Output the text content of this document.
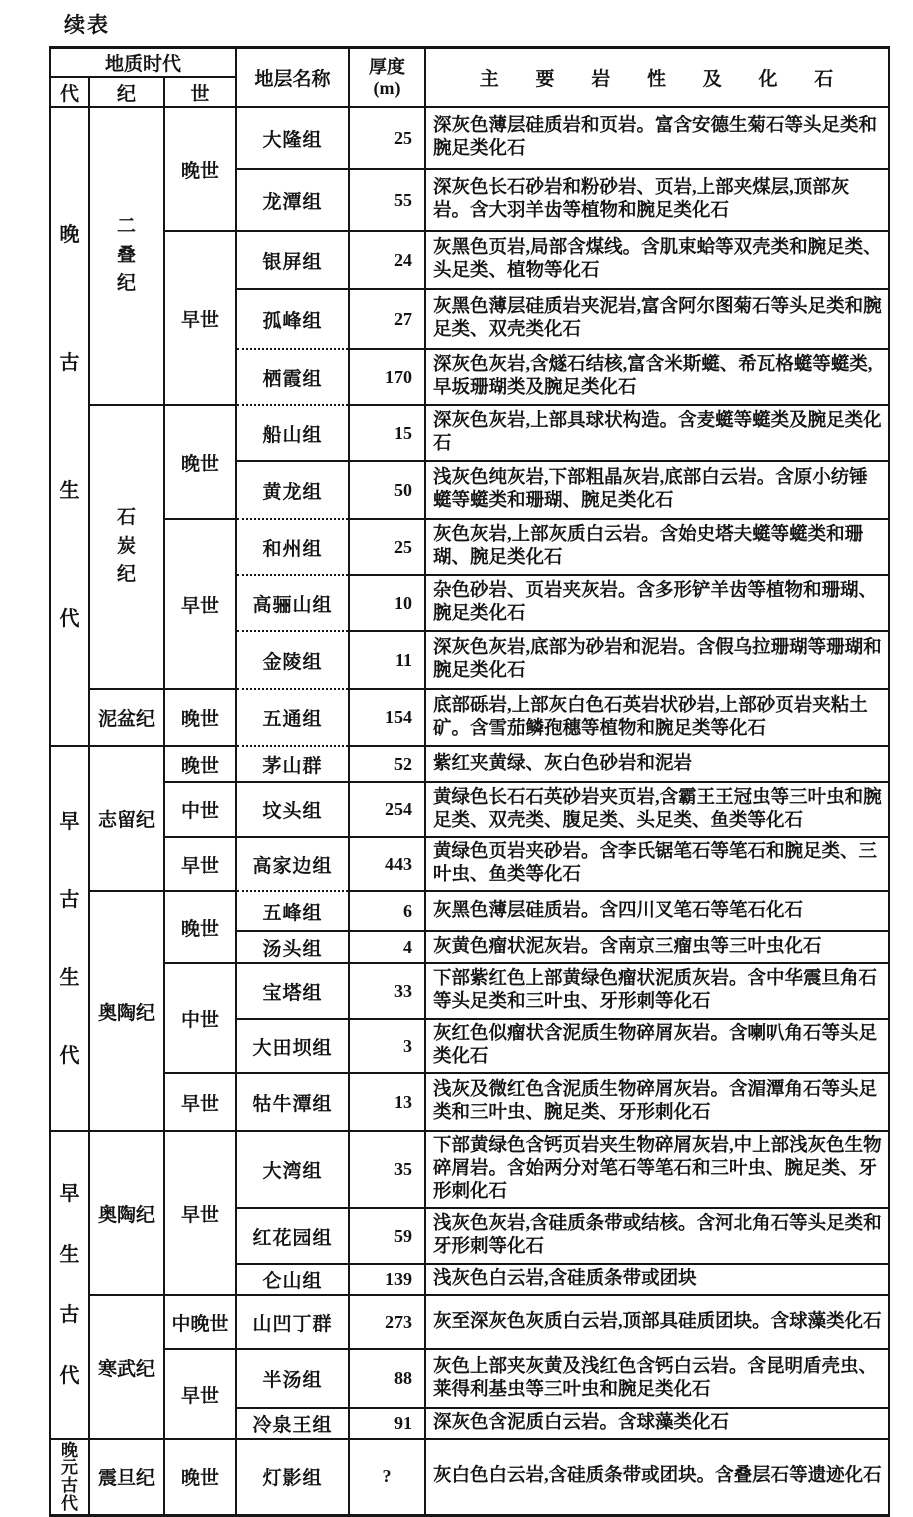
续表
地质时代			地层名称	厚度
(m)	主 要 岩 性 及 化 石
代	纪	世			

晚
古
生
代	二叠纪	晚世	大隆组	25	深灰色薄层硅质岩和页岩。富含安德生菊石等头足类和腕足类化石
			龙潭组	55	深灰色长石砂岩和粉砂岩、页岩,上部夹煤层,顶部灰岩。含大羽羊齿等植物和腕足类化石
		早世	银屏组	24	灰黑色页岩,局部含煤线。含肌束蛤等双壳类和腕足类、头足类、植物等化石
			孤峰组	27	灰黑色薄层硅质岩夹泥岩,富含阿尔图菊石等头足类和腕足类、双壳类化石
			栖霞组	170	深灰色灰岩,含燧石结核,富含米斯䗴、希瓦格䗴等䗴类,早坂珊瑚类及腕足类化石

	石炭纪	晚世	船山组	15	深灰色灰岩,上部具球状构造。含麦䗴等䗴类及腕足类化石
			黄龙组	50	浅灰色纯灰岩,下部粗晶灰岩,底部白云岩。含原小纺锤䗴等䗴类和珊瑚、腕足类化石
		早世	和州组	25	灰色灰岩,上部灰质白云岩。含始史塔夫䗴等䗴类和珊瑚、腕足类化石
			高骊山组	10	杂色砂岩、页岩夹灰岩。含多形铲羊齿等植物和珊瑚、腕足类化石
			金陵组	11	深灰色灰岩,底部为砂岩和泥岩。含假乌拉珊瑚等珊瑚和腕足类化石
	泥盆纪	晚世	五通组	154	底部砾岩,上部灰白色石英岩状砂岩,上部砂页岩夹粘土矿。含雪茄鳞孢穗等植物和腕足类等化石

早
古
生
代	志留纪	晚世	茅山群	52	紫红夹黄绿、灰白色砂岩和泥岩
		中世	坟头组	254	黄绿色长石石英砂岩夹页岩,含霸王王冠虫等三叶虫和腕足类、双壳类、腹足类、头足类、鱼类等化石
		早世	高家边组	443	黄绿色页岩夹砂岩。含李氏锯笔石等笔石和腕足类、三叶虫、鱼类等化石
	奥陶纪	晚世	五峰组	6	灰黑色薄层硅质岩。含四川叉笔石等笔石化石
			汤头组	4	灰黄色瘤状泥灰岩。含南京三瘤虫等三叶虫化石
		中世	宝塔组	33	下部紫红色上部黄绿色瘤状泥质灰岩。含中华震旦角石等头足类和三叶虫、牙形刺等化石
			大田坝组	3	灰红色似瘤状含泥质生物碎屑灰岩。含喇叭角石等头足类化石
		早世	牯牛潭组	13	浅灰及微红色含泥质生物碎屑灰岩。含湄潭角石等头足类和三叶虫、腕足类、牙形刺化石

早
生
古
代	奥陶纪	早世	大湾组	35	下部黄绿色含钙页岩夹生物碎屑灰岩,中上部浅灰色生物碎屑岩。含始两分对笔石等笔石和三叶虫、腕足类、牙形刺化石
			红花园组	59	浅灰色灰岩,含硅质条带或结核。含河北角石等头足类和牙形刺等化石
			仑山组	139	浅灰色白云岩,含硅质条带或团块
	寒武纪	中晚世	山凹丁群	273	灰至深灰色灰质白云岩,顶部具硅质团块。含球藻类化石
		早世	半汤组	88	灰色上部夹灰黄及浅红色含钙白云岩。含昆明盾壳虫、莱得利基虫等三叶虫和腕足类化石
			冷泉王组	91	深灰色含泥质白云岩。含球藻类化石

晚
元
古
代	震旦纪	晚世	灯影组	?	灰白色白云岩,含硅质条带或团块。含叠层石等遗迹化石
